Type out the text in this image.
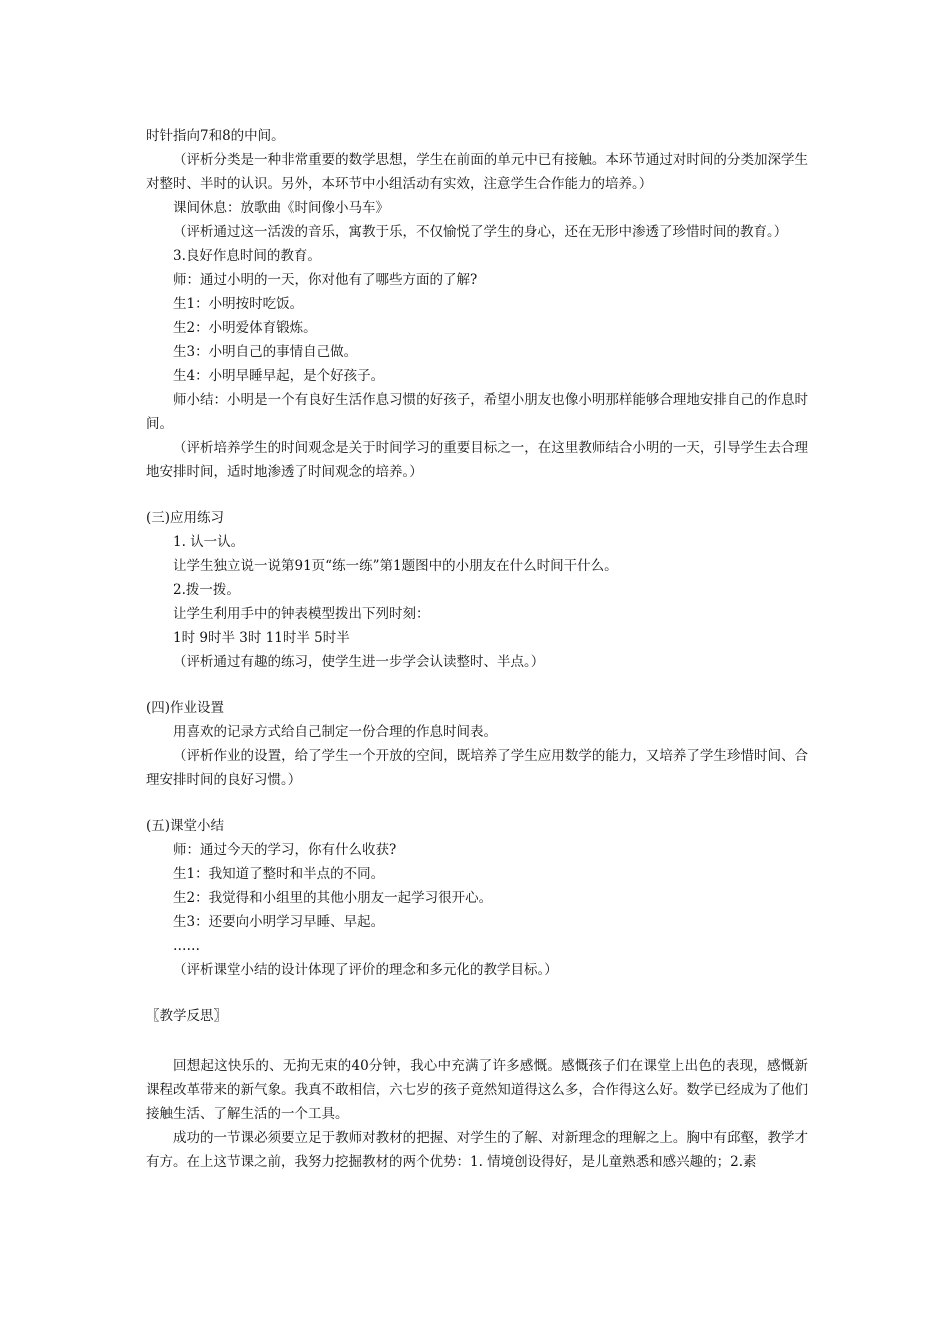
时针指向7和8的中间。

（评析分类是一种非常重要的数学思想，学生在前面的单元中已有接触。本环节通过对时间的分类加深学生对整时、半时的认识。另外，本环节中小组活动有实效，注意学生合作能力的培养。）

课间休息：放歌曲《时间像小马车》

（评析通过这一活泼的音乐，寓教于乐，不仅愉悦了学生的身心，还在无形中渗透了珍惜时间的教育。）

3.良好作息时间的教育。

师：通过小明的一天，你对他有了哪些方面的了解?

生1：小明按时吃饭。

生2：小明爱体育锻炼。

生3：小明自己的事情自己做。

生4：小明早睡早起，是个好孩子。

师小结：小明是一个有良好生活作息习惯的好孩子，希望小朋友也像小明那样能够合理地安排自己的作息时间。

（评析培养学生的时间观念是关于时间学习的重要目标之一，在这里教师结合小明的一天，引导学生去合理地安排时间，适时地渗透了时间观念的培养。）

(三)应用练习

1. 认一认。

让学生独立说一说第91页“练一练”第1题图中的小朋友在什么时间干什么。

2.拨一拨。

让学生利用手中的钟表模型拨出下列时刻：

1时 9时半 3时 11时半 5时半

（评析通过有趣的练习，使学生进一步学会认读整时、半点。）

(四)作业设置

用喜欢的记录方式给自己制定一份合理的作息时间表。

（评析作业的设置，给了学生一个开放的空间，既培养了学生应用数学的能力，又培养了学生珍惜时间、合理安排时间的良好习惯。）

(五)课堂小结

师：通过今天的学习，你有什么收获?

生1：我知道了整时和半点的不同。

生2：我觉得和小组里的其他小朋友一起学习很开心。

生3：还要向小明学习早睡、早起。

……

（评析课堂小结的设计体现了评价的理念和多元化的教学目标。）

〖教学反思〗

回想起这快乐的、无拘无束的40分钟，我心中充满了许多感慨。感慨孩子们在课堂上出色的表现，感慨新课程改革带来的新气象。我真不敢相信，六七岁的孩子竟然知道得这么多，合作得这么好。数学已经成为了他们接触生活、了解生活的一个工具。

成功的一节课必须要立足于教师对教材的把握、对学生的了解、对新理念的理解之上。胸中有邱壑，教学才有方。在上这节课之前，我努力挖掘教材的两个优势：1. 情境创设得好，是儿童熟悉和感兴趣的；2.素
